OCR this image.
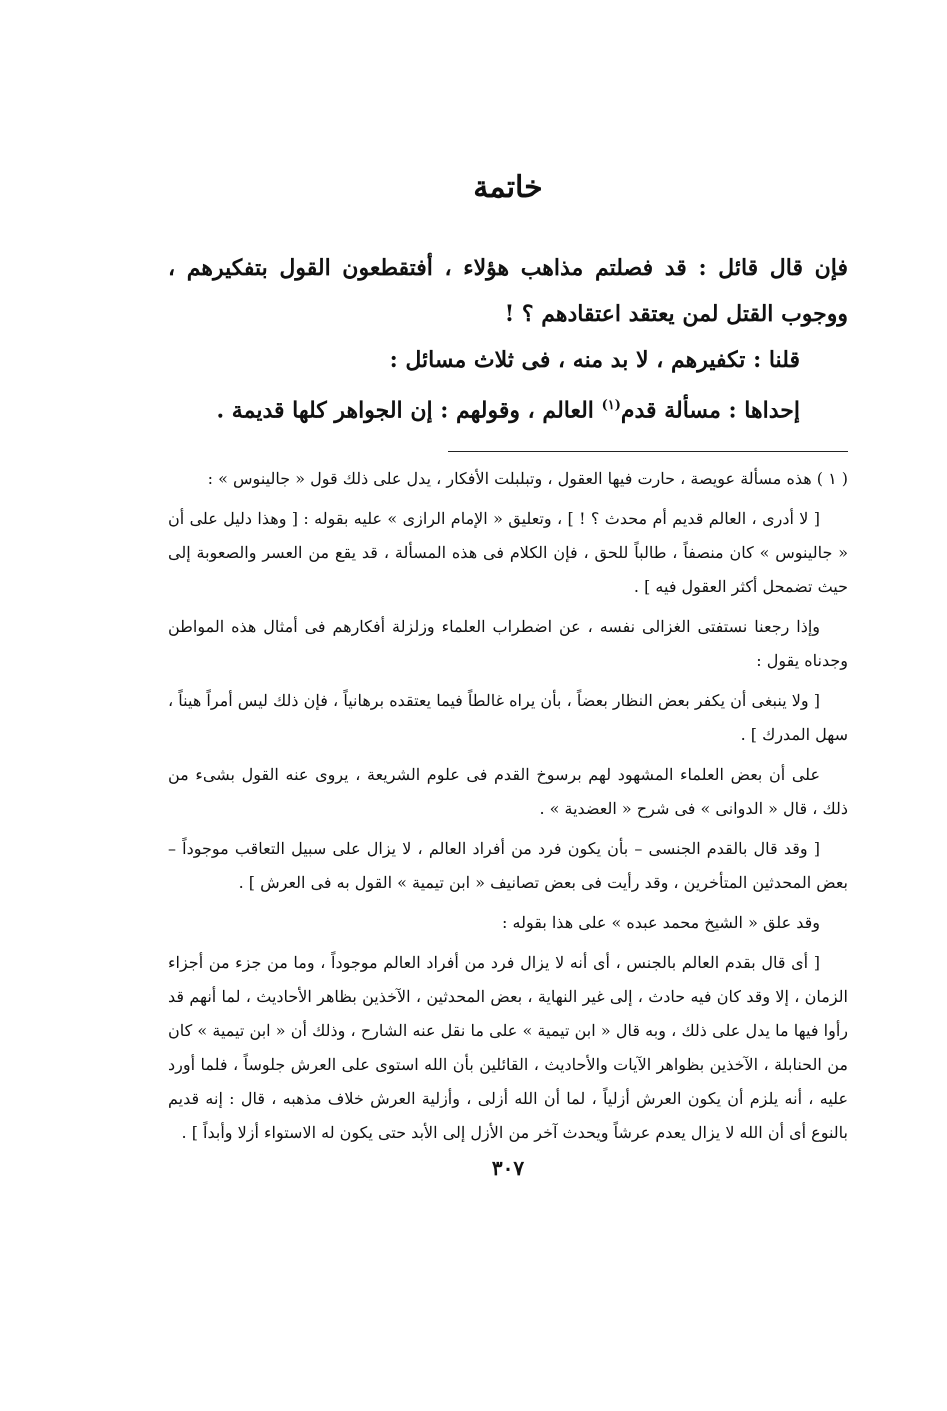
خاتمة

فإن قال قائل : قد فصلتم مذاهب هؤلاء ، أفتقطعون القول بتفكيرهم ، ووجوب القتل لمن يعتقد اعتقادهم ؟ !

قلنا : تكفيرهم ، لا بد منه ، فى ثلاث مسائل :

إحداها : مسألة قدم$^{(١)}$ العالم ، وقولهم : إن الجواهر كلها قديمة .

( ١ ) هذه مسألة عويصة ، حارت فيها العقول ، وتبلبلت الأفكار ، يدل على ذلك قول « جالينوس » :

[ لا أدرى ، العالم قديم أم محدث ؟ ! ] ، وتعليق « الإمام الرازى » عليه بقوله : [ وهذا دليل على أن « جالينوس » كان منصفاً ، طالباً للحق ، فإن الكلام فى هذه المسألة ، قد يقع من العسر والصعوبة إلى حيث تضمحل أكثر العقول فيه ] .

وإذا رجعنا نستفتى الغزالى نفسه ، عن اضطراب العلماء وزلزلة أفكارهم فى أمثال هذه المواطن وجدناه يقول :

[ ولا ينبغى أن يكفر بعض النظار بعضاً ، بأن يراه غالطاً فيما يعتقده برهانياً ، فإن ذلك ليس أمراً هيناً ، سهل المدرك ] .

على أن بعض العلماء المشهود لهم برسوخ القدم فى علوم الشريعة ، يروى عنه القول بشىء من ذلك ، قال « الدوانى » فى شرح « العضدية » .

[ وقد قال بالقدم الجنسى – بأن يكون فرد من أفراد العالم ، لا يزال على سبيل التعاقب موجوداً – بعض المحدثين المتأخرين ، وقد رأيت فى بعض تصانيف « ابن تيمية » القول به فى العرش ] .

وقد علق « الشيخ محمد عبده » على هذا بقوله :

[ أى قال بقدم العالم بالجنس ، أى أنه لا يزال فرد من أفراد العالم موجوداً ، وما من جزء من أجزاء الزمان ، إلا وقد كان فيه حادث ، إلى غير النهاية ، بعض المحدثين ، الآخذين بظاهر الأحاديث ، لما أنهم قد رأوا فيها ما يدل على ذلك ، وبه قال « ابن تيمية » على ما نقل عنه الشارح ، وذلك أن « ابن تيمية » كان من الحنابلة ، الآخذين بظواهر الآيات والأحاديث ، القائلين بأن الله استوى على العرش جلوساً ، فلما أورد عليه ، أنه يلزم أن يكون العرش أزلياً ، لما أن الله أزلى ، وأزلية العرش خلاف مذهبه ، قال : إنه قديم بالنوع أى أن الله لا يزال يعدم عرشاً ويحدث آخر من الأزل إلى الأبد حتى يكون له الاستواء أزلا وأبداً ] .

٣٠٧
